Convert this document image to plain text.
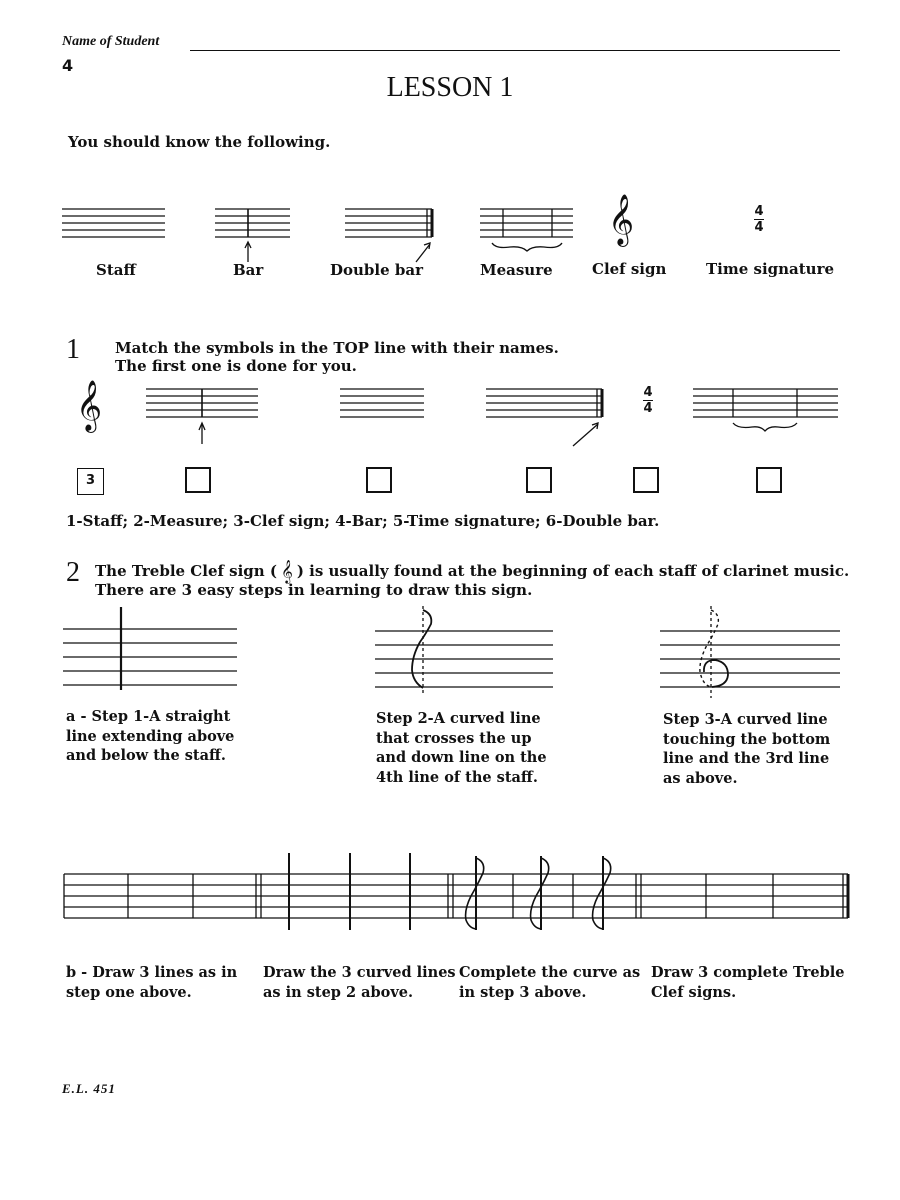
Name of Student
4
LESSON 1
You should know the following.
𝄞	4
4
Staff	Bar	Double bar	Measure	Clef sign	Time signature
1 Match the symbols in the TOP line with their names.
The first one is done for you.
𝄞	4
4
3
1-Staff; 2-Measure; 3-Clef sign; 4-Bar; 5-Time signature; 6-Double bar.
2 The Treble Clef sign ( 𝄞 ) is usually found at the beginning of each staff of clarinet music.
There are 3 easy steps in learning to draw this sign.
a - Step 1-A straight
line extending above
and below the staff.
Step 2-A curved line
that crosses the up
and down line on the
4th line of the staff.
Step 3-A curved line
touching the bottom
line and the 3rd line
as above.
b - Draw 3 lines as in
step one above.
Draw the 3 curved lines
as in step 2 above.
Complete the curve as
in step 3 above.
Draw 3 complete Treble
Clef signs.
E.L. 451
